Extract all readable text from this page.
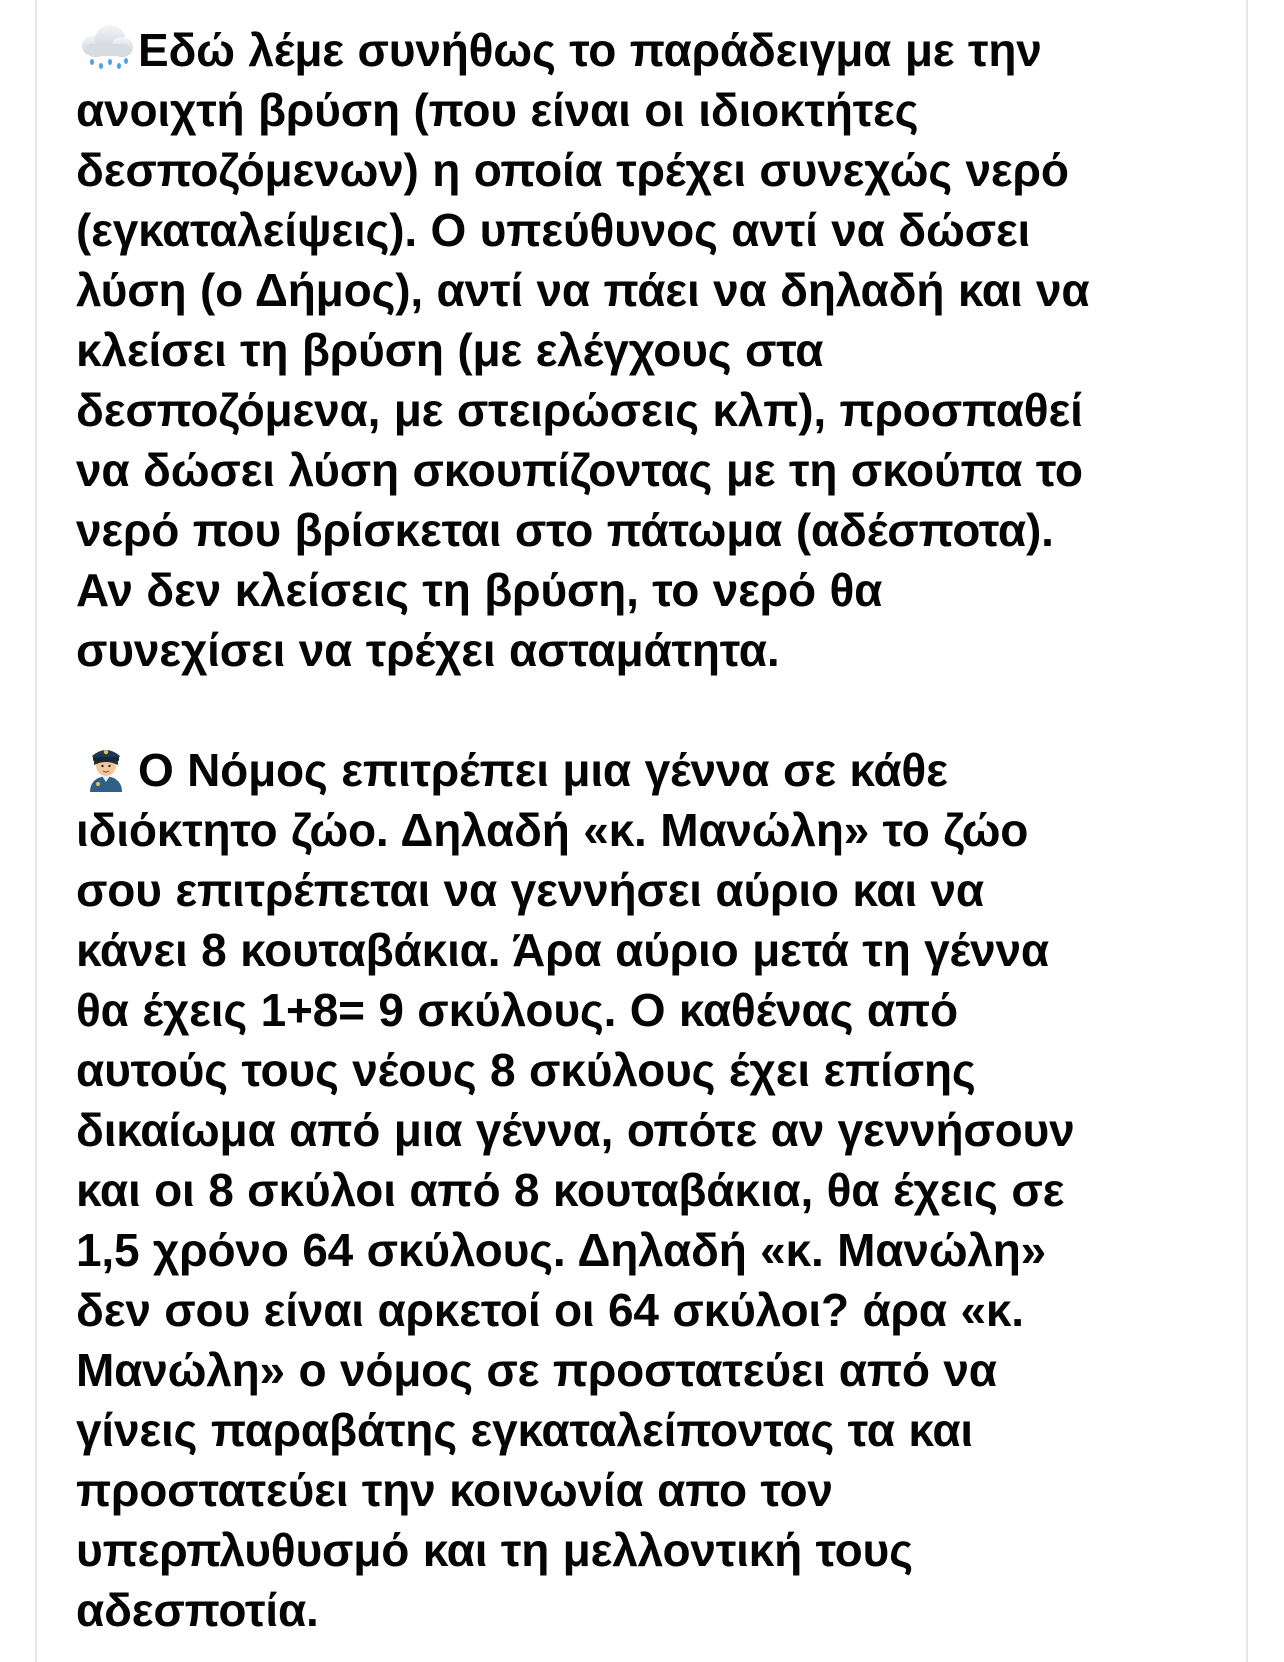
Εδώ λέμε συνήθως το παράδειγμα με την
ανοιχτή βρύση (που είναι οι ιδιοκτήτες
δεσποζόμενων) η οποία τρέχει συνεχώς νερό
(εγκαταλείψεις). Ο υπεύθυνος αντί να δώσει
λύση (ο Δήμος), αντί να πάει να δηλαδή και να
κλείσει τη βρύση (με ελέγχους στα
δεσποζόμενα, με στειρώσεις κλπ), προσπαθεί
να δώσει λύση σκουπίζοντας με τη σκούπα το
νερό που βρίσκεται στο πάτωμα (αδέσποτα).
Αν δεν κλείσεις τη βρύση, το νερό θα
συνεχίσει να τρέχει ασταμάτητα.

Ο Νόμος επιτρέπει μια γέννα σε κάθε
ιδιόκτητο ζώο. Δηλαδή «κ. Μανώλη» το ζώο
σου επιτρέπεται να γεννήσει αύριο και να
κάνει 8 κουταβάκια. Άρα αύριο μετά τη γέννα
θα έχεις 1+8= 9 σκύλους. Ο καθένας από
αυτούς τους νέους 8 σκύλους έχει επίσης
δικαίωμα από μια γέννα, οπότε αν γεννήσουν
και οι 8 σκύλοι από 8 κουταβάκια, θα έχεις σε
1,5 χρόνο 64 σκύλους. Δηλαδή «κ. Μανώλη»
δεν σου είναι αρκετοί οι 64 σκύλοι? άρα «κ.
Μανώλη» ο νόμος σε προστατεύει από να
γίνεις παραβάτης εγκαταλείποντας τα και
προστατεύει την κοινωνία απο τον
υπερπλυθυσμό και τη μελλοντική τους
αδεσποτία.
